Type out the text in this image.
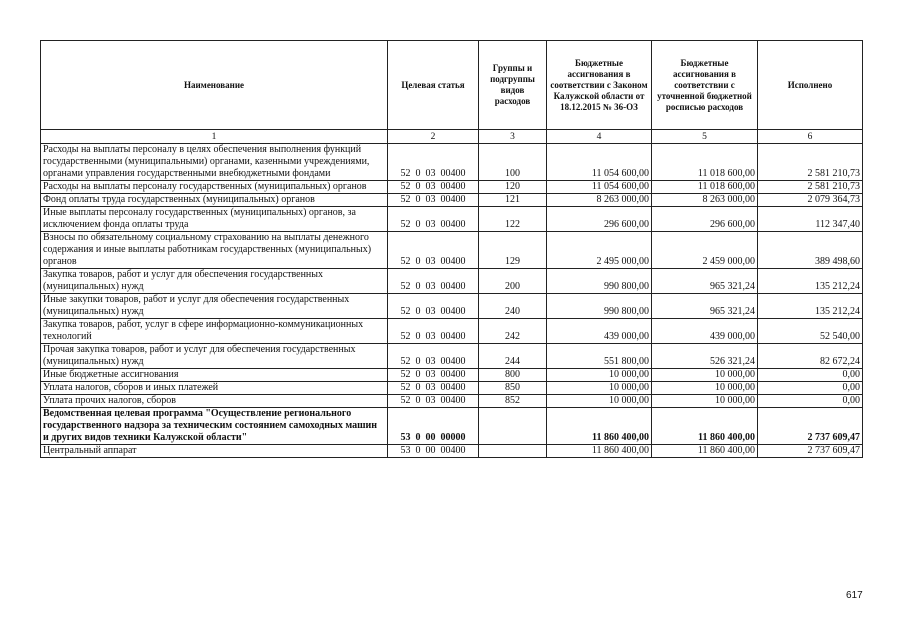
Наименование	Целевая статья	Группы и подгруппы видов расходов	Бюджетные ассигнования в соответствии с Законом Калужской области от 18.12.2015 № 36-ОЗ	Бюджетные ассигнования в соответствии с уточненной бюджетной росписью расходов	Исполнено
1	2	3	4	5	6
Расходы на выплаты персоналу в целях обеспечения выполнения функций государственными (муниципальными) органами, казенными учреждениями, органами управления государственными внебюджетными фондами	52  0  03  00400	100	11 054 600,00	11 018 600,00	2 581 210,73
Расходы на выплаты персоналу государственных (муниципальных) органов	52  0  03  00400	120	11 054 600,00	11 018 600,00	2 581 210,73
Фонд оплаты труда государственных (муниципальных) органов	52  0  03  00400	121	8 263 000,00	8 263 000,00	2 079 364,73
Иные выплаты персоналу государственных (муниципальных) органов, за исключением фонда оплаты труда	52  0  03  00400	122	296 600,00	296 600,00	112 347,40
Взносы по обязательному социальному страхованию на выплаты денежного содержания и иные выплаты работникам государственных (муниципальных) органов	52  0  03  00400	129	2 495 000,00	2 459 000,00	389 498,60
Закупка товаров, работ и услуг для обеспечения государственных (муниципальных) нужд	52  0  03  00400	200	990 800,00	965 321,24	135 212,24
Иные закупки товаров, работ и услуг для обеспечения государственных (муниципальных) нужд	52  0  03  00400	240	990 800,00	965 321,24	135 212,24
Закупка товаров, работ, услуг в сфере информационно-коммуникационных технологий	52  0  03  00400	242	439 000,00	439 000,00	52 540,00
Прочая закупка товаров, работ и услуг для обеспечения государственных (муниципальных) нужд	52  0  03  00400	244	551 800,00	526 321,24	82 672,24
Иные бюджетные ассигнования	52  0  03  00400	800	10 000,00	10 000,00	0,00
Уплата налогов, сборов и иных платежей	52  0  03  00400	850	10 000,00	10 000,00	0,00
Уплата прочих налогов, сборов	52  0  03  00400	852	10 000,00	10 000,00	0,00
Ведомственная целевая программа "Осуществление регионального государственного надзора за техническим состоянием самоходных машин и других видов техники Калужской области"	53  0  00  00000		11 860 400,00	11 860 400,00	2 737 609,47
Центральный аппарат	53  0  00  00400		11 860 400,00	11 860 400,00	2 737 609,47
617
